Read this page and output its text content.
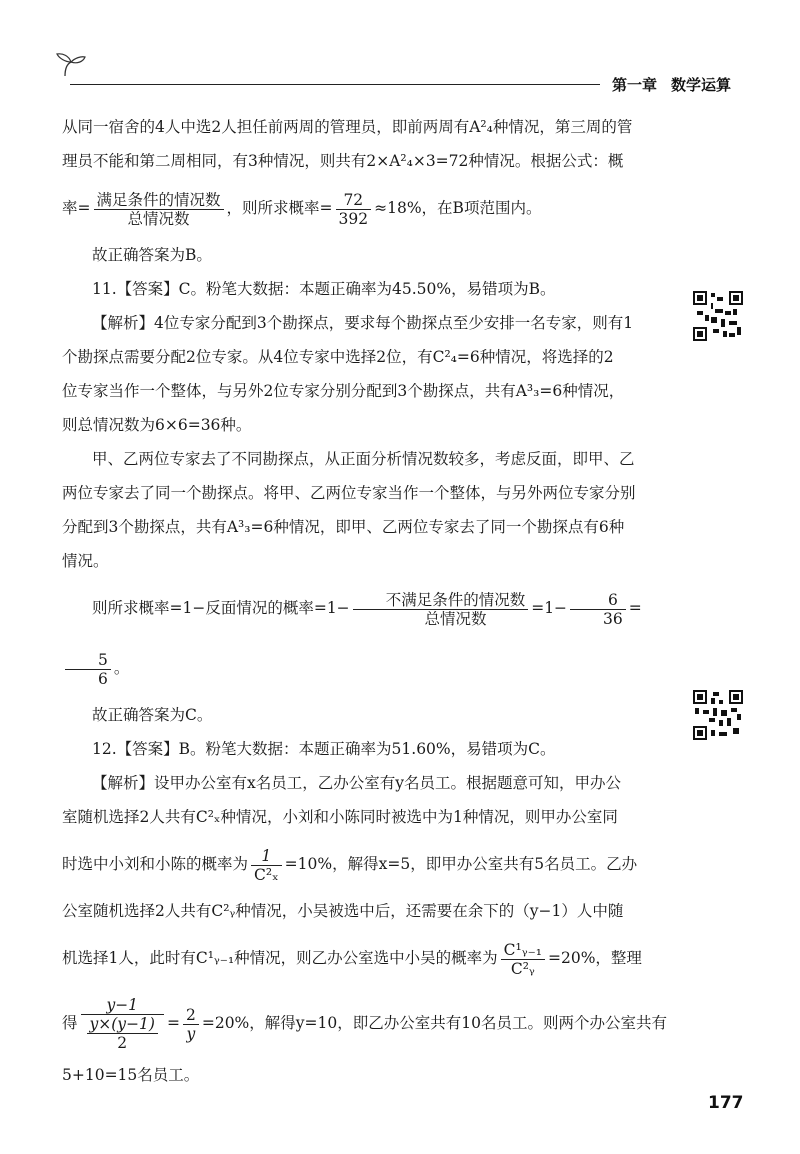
第一章 数学运算

从同一宿舍的4人中选2人担任前两周的管理员，即前两周有A²₄种情况，第三周的管

理员不能和第二周相同，有3种情况，则共有2×A²₄×3=72种情况。根据公式：概

率= $\frac{\text{满足条件的情况数}}{\text{总情况数}}$ ，则所求概率= $\frac{72}{392} \approx 18\%$，在B项范围内。

故正确答案为B。

11.【答案】C。粉笔大数据：本题正确率为45.50%，易错项为B。

【解析】4位专家分配到3个勘探点，要求每个勘探点至少安排一名专家，则有1

个勘探点需要分配2位专家。从4位专家中选择2位，有C²₄=6种情况，将选择的2

位专家当作一个整体，与另外2位专家分别分配到3个勘探点，共有A³₃=6种情况，

则总情况数为6×6=36种。

甲、乙两位专家去了不同勘探点，从正面分析情况数较多，考虑反面，即甲、乙

两位专家去了同一个勘探点。将甲、乙两位专家当作一个整体，与另外两位专家分别

分配到3个勘探点，共有A³₃=6种情况，即甲、乙两位专家去了同一个勘探点有6种

情况。

则所求概率=1−反面情况的概率$=1- \frac{\text{不满足条件的情况数}}{\text{总情况数}} =1- \frac{6}{36}$ =
$\frac{5}{6}$ 。

故正确答案为C。

12.【答案】B。粉笔大数据：本题正确率为51.60%，易错项为C。

【解析】设甲办公室有x名员工，乙办公室有y名员工。根据题意可知，甲办公

室随机选择2人共有C²ₓ种情况，小刘和小陈同时被选中为1种情况，则甲办公室同

时选中小刘和小陈的概率为 $\frac{1}{\text{C²ₓ}} =10\%$，解得x=5，即甲办公室共有5名员工。乙办

公室随机选择2人共有C²ᵧ种情况，小吴被选中后，还需要在余下的（y−1）人中随

机选择1人，此时有C¹ᵧ₋₁种情况，则乙办公室选中小吴的概率为 $\frac{\text{C¹ᵧ₋₁}}{\text{C²ᵧ}} =20\%$，整理

得 $\frac{y-1}{\frac{y\times(y-1)}{2}} = \frac{2}{y} =20\%$，解得y=10，即乙办公室共有10名员工。则两个办公室共有

5+10=15名员工。

177
